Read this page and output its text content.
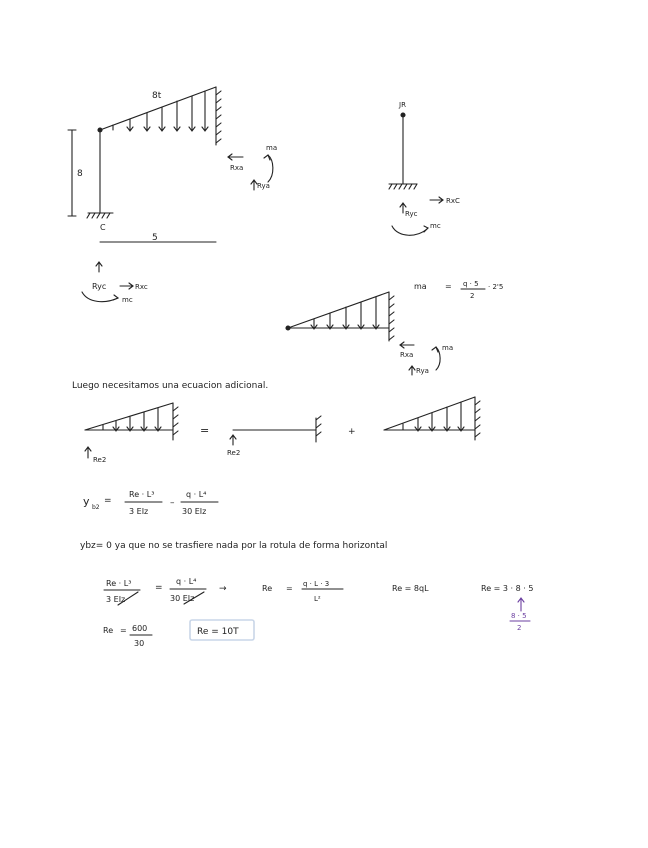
8t
8
C
5
Rxa
Rya
ma
Ryc	Rxc
mc
JR
RxC
Ryc
mc
ma = q · 5
2
· 2'5
Rxa
Rya
ma
Luego necesitamos una ecuacion adicional.
=	+
Re2
Re2
y b2
=
Re · L³
3 EIz
–
q · L⁴
30 EIz
ybz= 0 ya que no se trasfiere nada por la rotula de forma horizontal
Re · L³
3 EIz
=
q · L⁴
30 EIz
→	Re = q · L · 3
L²
Re = 8qL	Re = 3 · 8 · 5
8 · 5
2
Re = 600
30
Re = 10T
